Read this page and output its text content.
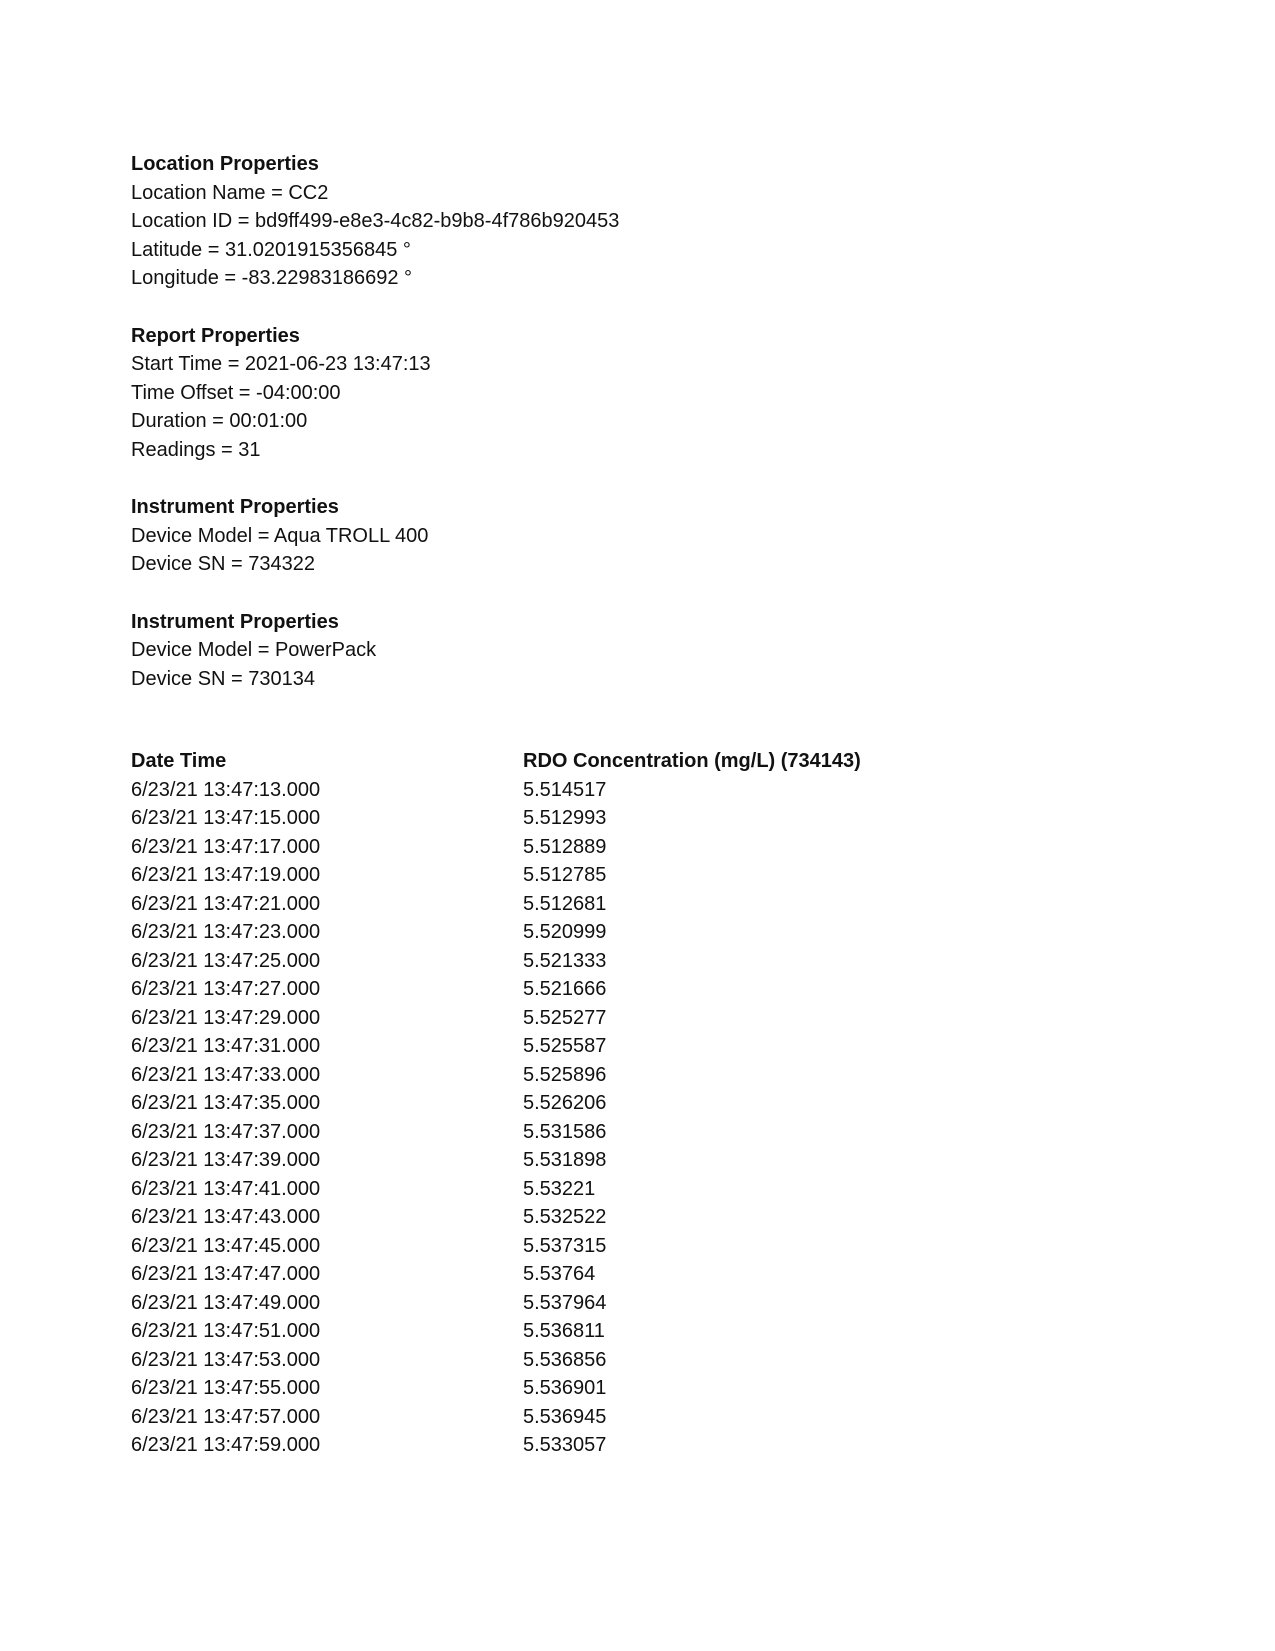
Location Properties
Location Name = CC2
Location ID = bd9ff499-e8e3-4c82-b9b8-4f786b920453
Latitude = 31.0201915356845 °
Longitude = -83.22983186692 °
Report Properties
Start Time = 2021-06-23 13:47:13
Time Offset = -04:00:00
Duration = 00:01:00
Readings = 31
Instrument Properties
Device Model = Aqua TROLL 400
Device SN = 734322
Instrument Properties
Device Model = PowerPack
Device SN = 730134
Date Time	RDO Concentration (mg/L) (734143)
6/23/21 13:47:13.000	5.514517
6/23/21 13:47:15.000	5.512993
6/23/21 13:47:17.000	5.512889
6/23/21 13:47:19.000	5.512785
6/23/21 13:47:21.000	5.512681
6/23/21 13:47:23.000	5.520999
6/23/21 13:47:25.000	5.521333
6/23/21 13:47:27.000	5.521666
6/23/21 13:47:29.000	5.525277
6/23/21 13:47:31.000	5.525587
6/23/21 13:47:33.000	5.525896
6/23/21 13:47:35.000	5.526206
6/23/21 13:47:37.000	5.531586
6/23/21 13:47:39.000	5.531898
6/23/21 13:47:41.000	5.53221
6/23/21 13:47:43.000	5.532522
6/23/21 13:47:45.000	5.537315
6/23/21 13:47:47.000	5.53764
6/23/21 13:47:49.000	5.537964
6/23/21 13:47:51.000	5.536811
6/23/21 13:47:53.000	5.536856
6/23/21 13:47:55.000	5.536901
6/23/21 13:47:57.000	5.536945
6/23/21 13:47:59.000	5.533057
